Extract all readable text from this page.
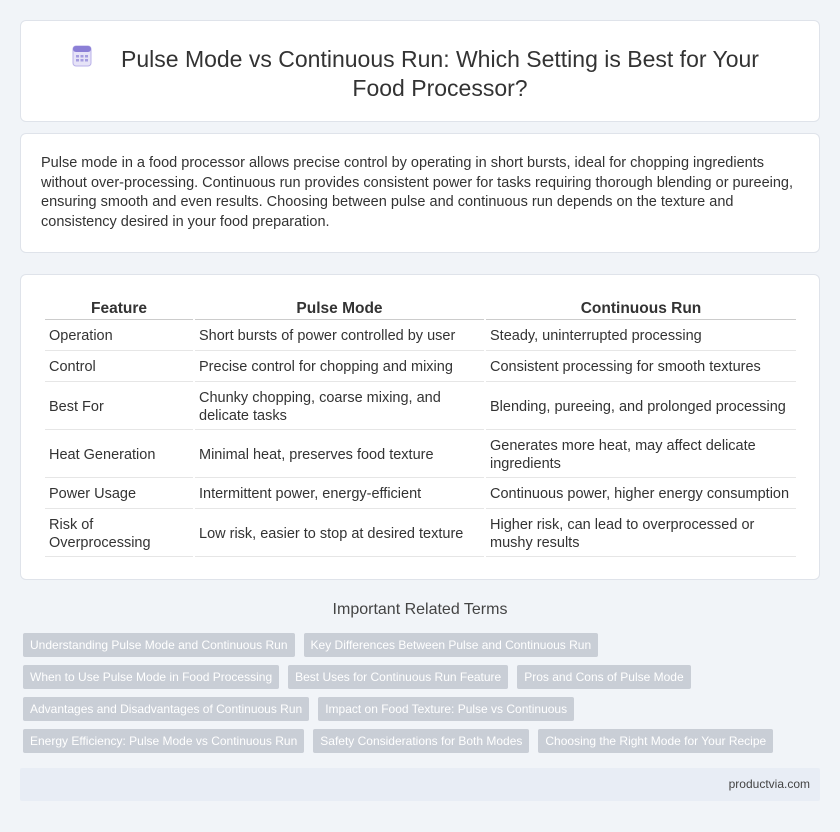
Pulse Mode vs Continuous Run: Which Setting is Best for Your Food Processor?

Pulse mode in a food processor allows precise control by operating in short bursts, ideal for chopping ingredients without over-processing. Continuous run provides consistent power for tasks requiring thorough blending or pureeing, ensuring smooth and even results. Choosing between pulse and continuous run depends on the texture and consistency desired in your food preparation.

Feature	Pulse Mode	Continuous Run
Operation	Short bursts of power controlled by user	Steady, uninterrupted processing
Control	Precise control for chopping and mixing	Consistent processing for smooth textures
Best For	Chunky chopping, coarse mixing, and delicate tasks	Blending, pureeing, and prolonged processing
Heat Generation	Minimal heat, preserves food texture	Generates more heat, may affect delicate ingredients
Power Usage	Intermittent power, energy-efficient	Continuous power, higher energy consumption
Risk of Overprocessing	Low risk, easier to stop at desired texture	Higher risk, can lead to overprocessed or mushy results
Important Related Terms
Understanding Pulse Mode and Continuous Run	Key Differences Between Pulse and Continuous Run
When to Use Pulse Mode in Food Processing	Best Uses for Continuous Run Feature	Pros and Cons of Pulse Mode
Advantages and Disadvantages of Continuous Run	Impact on Food Texture: Pulse vs Continuous
Energy Efficiency: Pulse Mode vs Continuous Run	Safety Considerations for Both Modes	Choosing the Right Mode for Your Recipe
productvia.com
